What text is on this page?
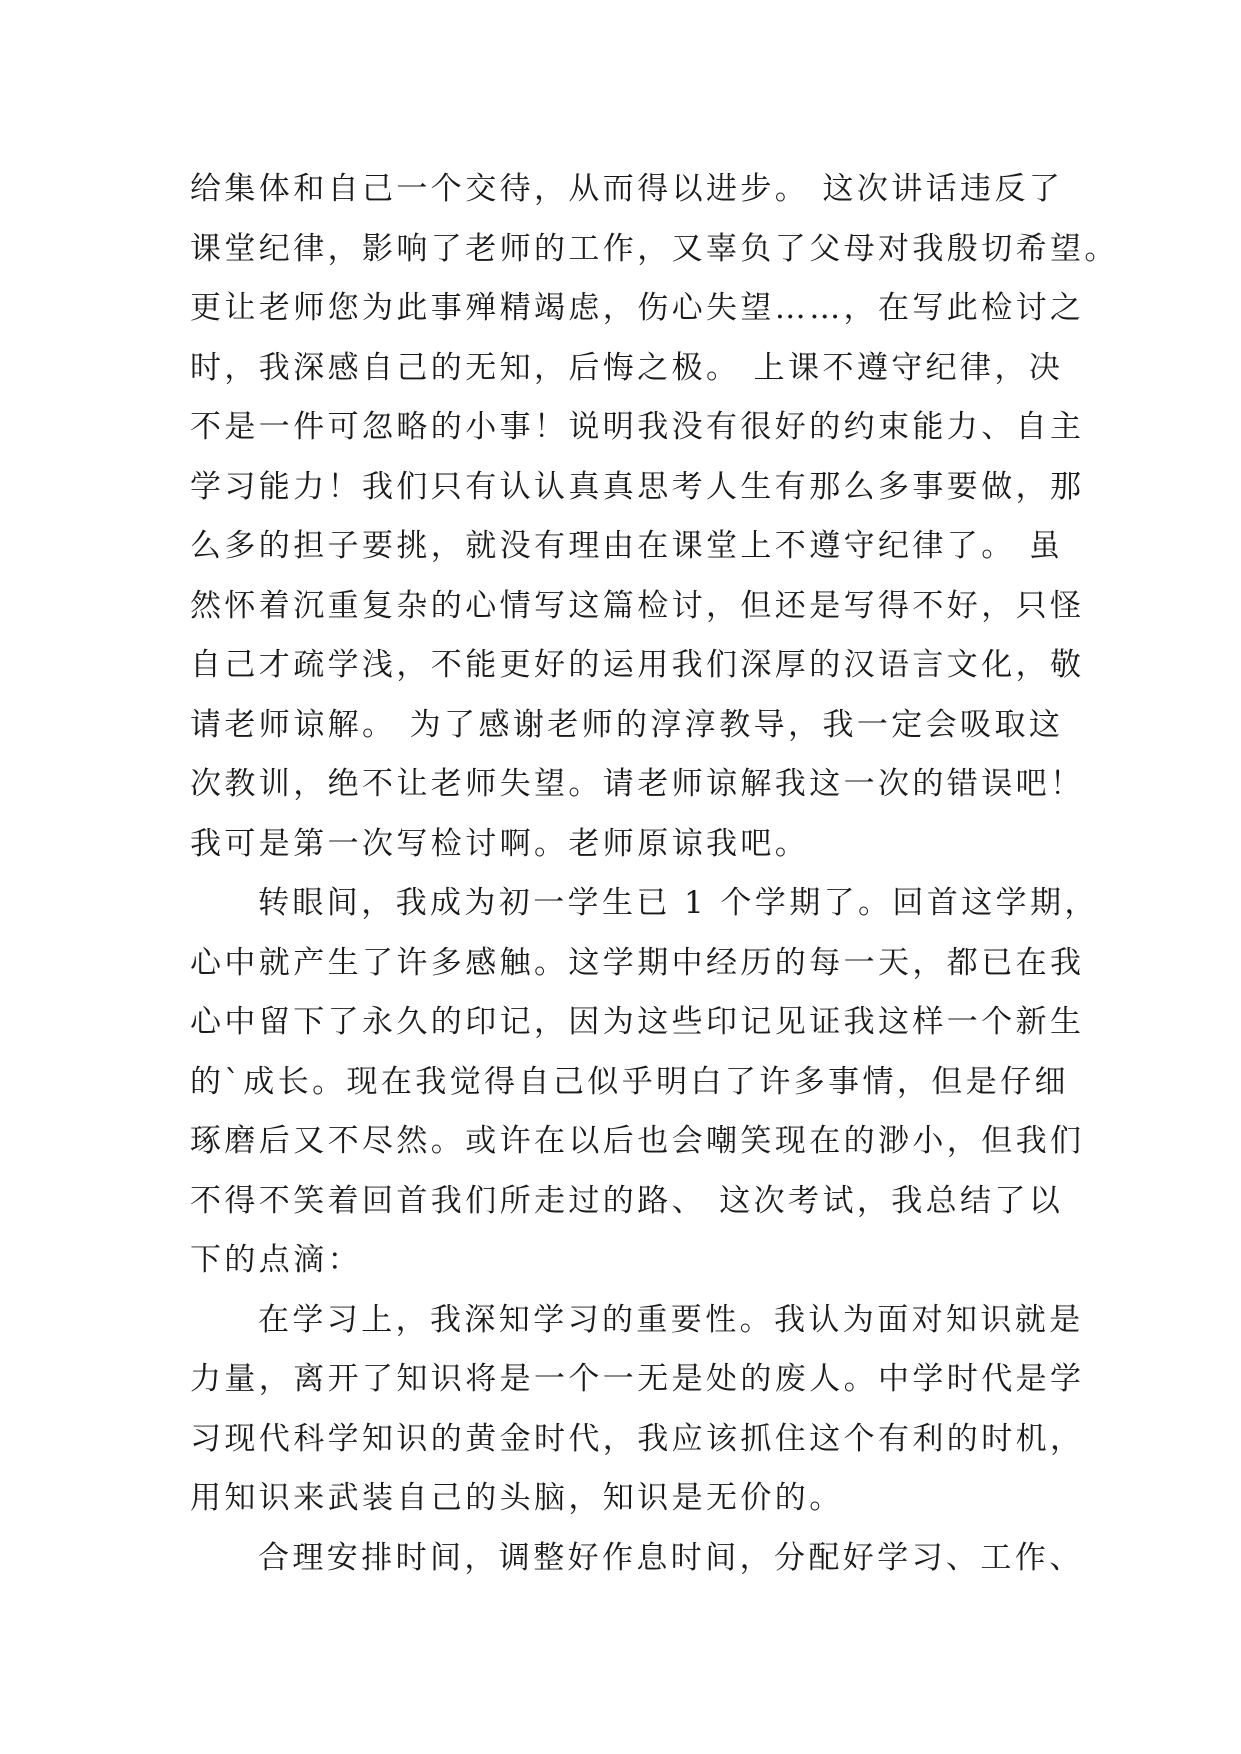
给集体和自己一个交待，从而得以进步。 这次讲话违反了
课堂纪律，影响了老师的工作，又辜负了父母对我殷切希望。
更让老师您为此事殚精竭虑，伤心失望……，在写此检讨之
时，我深感自己的无知，后悔之极。 上课不遵守纪律，决
不是一件可忽略的小事！说明我没有很好的约束能力、自主
学习能力！我们只有认认真真思考人生有那么多事要做，那
么多的担子要挑，就没有理由在课堂上不遵守纪律了。 虽
然怀着沉重复杂的心情写这篇检讨，但还是写得不好，只怪
自己才疏学浅，不能更好的运用我们深厚的汉语言文化，敬
请老师谅解。 为了感谢老师的淳淳教导，我一定会吸取这
次教训，绝不让老师失望。请老师谅解我这一次的错误吧！
我可是第一次写检讨啊。老师原谅我吧。
转眼间，我成为初一学生已 1 个学期了。回首这学期，
心中就产生了许多感触。这学期中经历的每一天，都已在我
心中留下了永久的印记，因为这些印记见证我这样一个新生
的`成长。现在我觉得自己似乎明白了许多事情，但是仔细
琢磨后又不尽然。或许在以后也会嘲笑现在的渺小，但我们
不得不笑着回首我们所走过的路、 这次考试，我总结了以
下的点滴：
在学习上，我深知学习的重要性。我认为面对知识就是
力量，离开了知识将是一个一无是处的废人。中学时代是学
习现代科学知识的黄金时代，我应该抓住这个有利的时机，
用知识来武装自己的头脑，知识是无价的。
合理安排时间，调整好作息时间，分配好学习、工作、
